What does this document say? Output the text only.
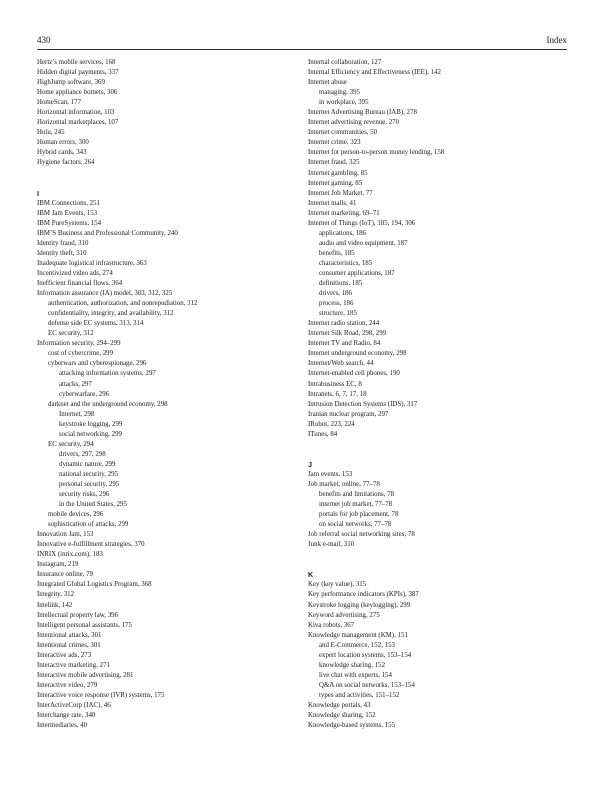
430	Index
Hertz’s mobile services, 168
Hidden digital payments, 337
HighJump software, 369
Home appliance botnets, 306
HomeScan, 177
Horizontal information, 103
Horizontal marketplaces, 107
Hulu, 245
Human errors, 300
Hybrid cards, 343
Hygiene factors, 264
I
IBM Connections, 251
IBM Jam Events, 153
IBM PureSystems, 154
IBM’S Business and Professional Community, 240
Identity fraud, 310
Identity theft, 310
Inadequate logistical infrastructure, 363
Incentivized video ads, 274
Inefficient financial flows, 364
Information assurance (IA) model, 303, 312, 325
authentication, authorization, and nonrepudiation, 312
confidentiality, integrity, and availability, 312
defense side EC systems, 313, 314
EC security, 312
Information security, 294–299
cost of cybercrime, 299
cyberwars and cyberespionage, 296
attacking information systems, 297
attacks, 297
cyberwarfare, 296
darknet and the underground economy, 298
Internet, 298
keystroke logging, 299
social networking, 299
EC security, 294
drivers, 297, 298
dynamic nature, 299
national security, 295
personal security, 295
security risks, 296
in the United States, 295
mobile devices, 296
sophistication of attacks, 299
Innovation Jam, 153
Innovative e-fulfillment strategies, 370
INRIX (inrix.com), 183
Instagram, 219
Insurance online, 79
Integrated Global Logistics Program, 368
Integrity, 312
Intelink, 142
Intellectual property law, 396
Intelligent personal assistants, 175
Intentional attacks, 301
Intentional crimes, 301
Interactive ads, 273
Interactive marketing, 271
Interactive mobile advertising, 281
Interactive video, 279
Interactive voice response (IVR) systems, 175
InterActiveCorp (IAC), 46
Interchange rate, 340
Intermediaries, 40
Internal collaboration, 127
Internal Efficiency and Effectiveness (IEE), 142
Internet abuse
managing, 395
in workplace, 395
Internet Advertising Bureau (IAB), 278
Internet advertising revenue, 270
Internet communities, 50
Internet crime, 323
Internet for person-to-person money lending, 158
Internet fraud, 325
Internet gambling, 85
Internet gaming, 85
Internet Job Market, 77
Internet malls, 41
Internet marketing, 69–71
Internet of Things (IoT), 185, 194, 306
applications, 186
audio and video equipment, 187
benefits, 185
characteristics, 185
consumer applications, 187
definitions, 185
drivers, 186
process, 186
structure, 185
Internet radio station, 244
Internet Silk Road, 298, 299
Internet TV and Radio, 84
Internet underground economy, 298
Internet/Web search, 44
Internet-enabled cell phones, 190
Intrabusiness EC, 8
Intranets, 6, 7, 17, 18
Intrusion Detection Systems (IDS), 317
Iranian nuclear program, 297
IRobot, 223, 224
ITunes, 84
J
Jam events, 153
Job market, online, 77–78
benefits and limitations, 78
internet job market, 77–78
portals for job placement, 78
on social networks, 77–78
Job referral social networking sites, 78
Junk e-mail, 310
K
Key (key value), 315
Key performance indicators (KPIs), 387
Keystroke logging (keylogging), 299
Keyword advertising, 275
Kiva robots, 367
Knowledge management (KM), 151
and E-Commerce, 152, 153
expert location systems, 153–154
knowledge sharing, 152
live chat with experts, 154
Q&A on social networks, 153–154
types and activities, 151–152
Knowledge portals, 43
Knowledge sharing, 152
Knowledge-based systems, 155
